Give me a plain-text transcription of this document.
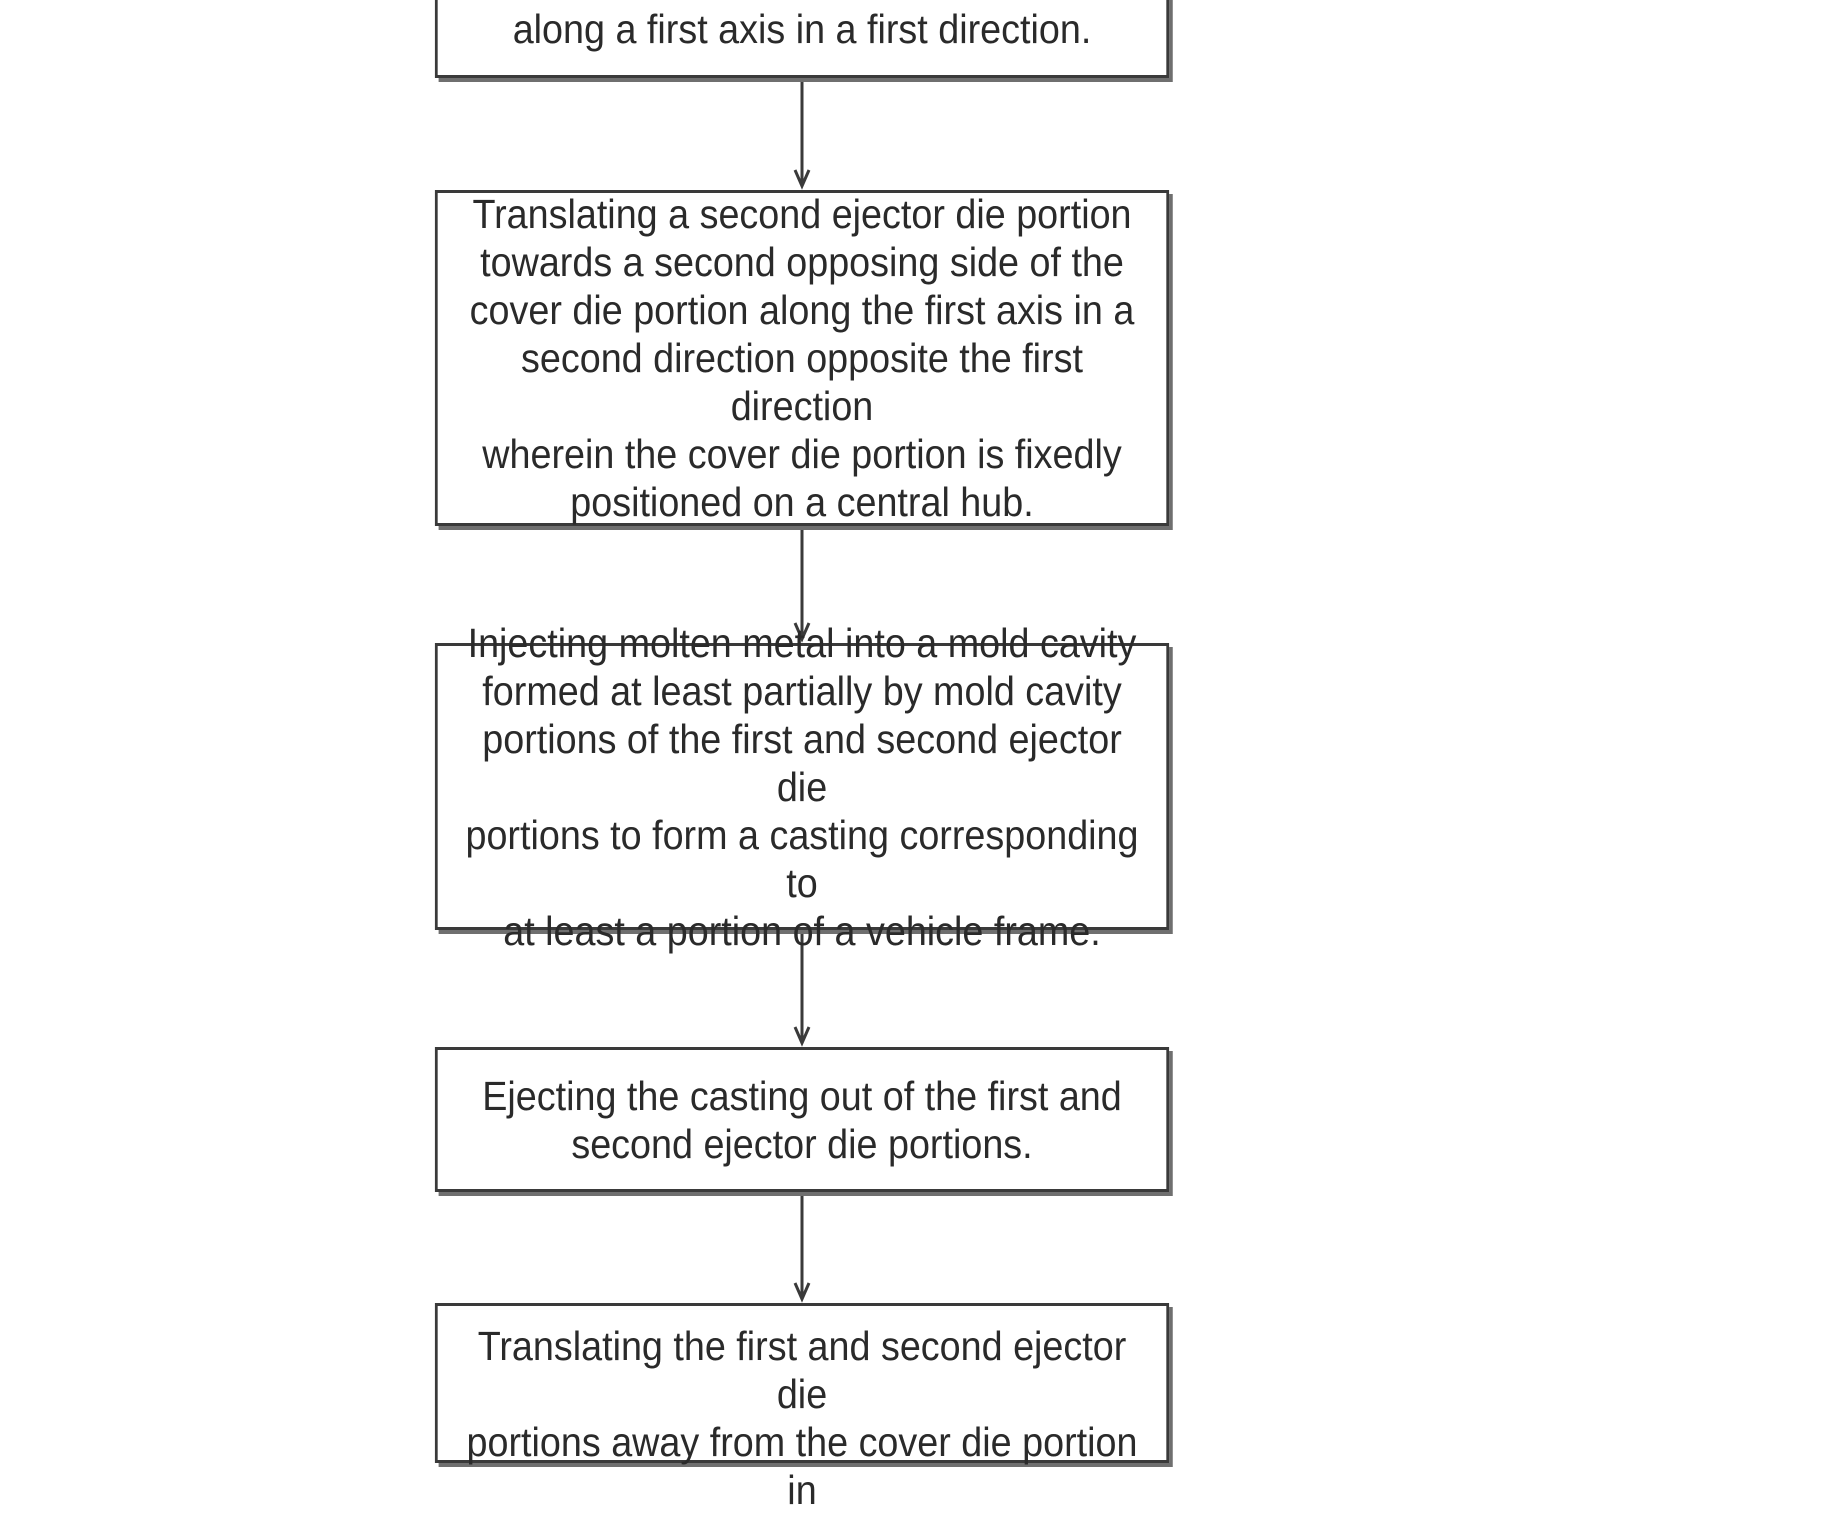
along a first axis in a first direction.
Translating a second ejector die portion
towards a second opposing side of the
cover die portion along the first axis in a
second direction opposite the first direction
wherein the cover die portion is fixedly
positioned on a central hub.
Injecting molten metal into a mold cavity
formed at least partially by mold cavity
portions of the first and second ejector die
portions to form a casting corresponding to
at least a portion of a vehicle frame.
Ejecting the casting out of the first and
second ejector die portions.
Translating the first and second ejector die
portions away from the cover die portion in
